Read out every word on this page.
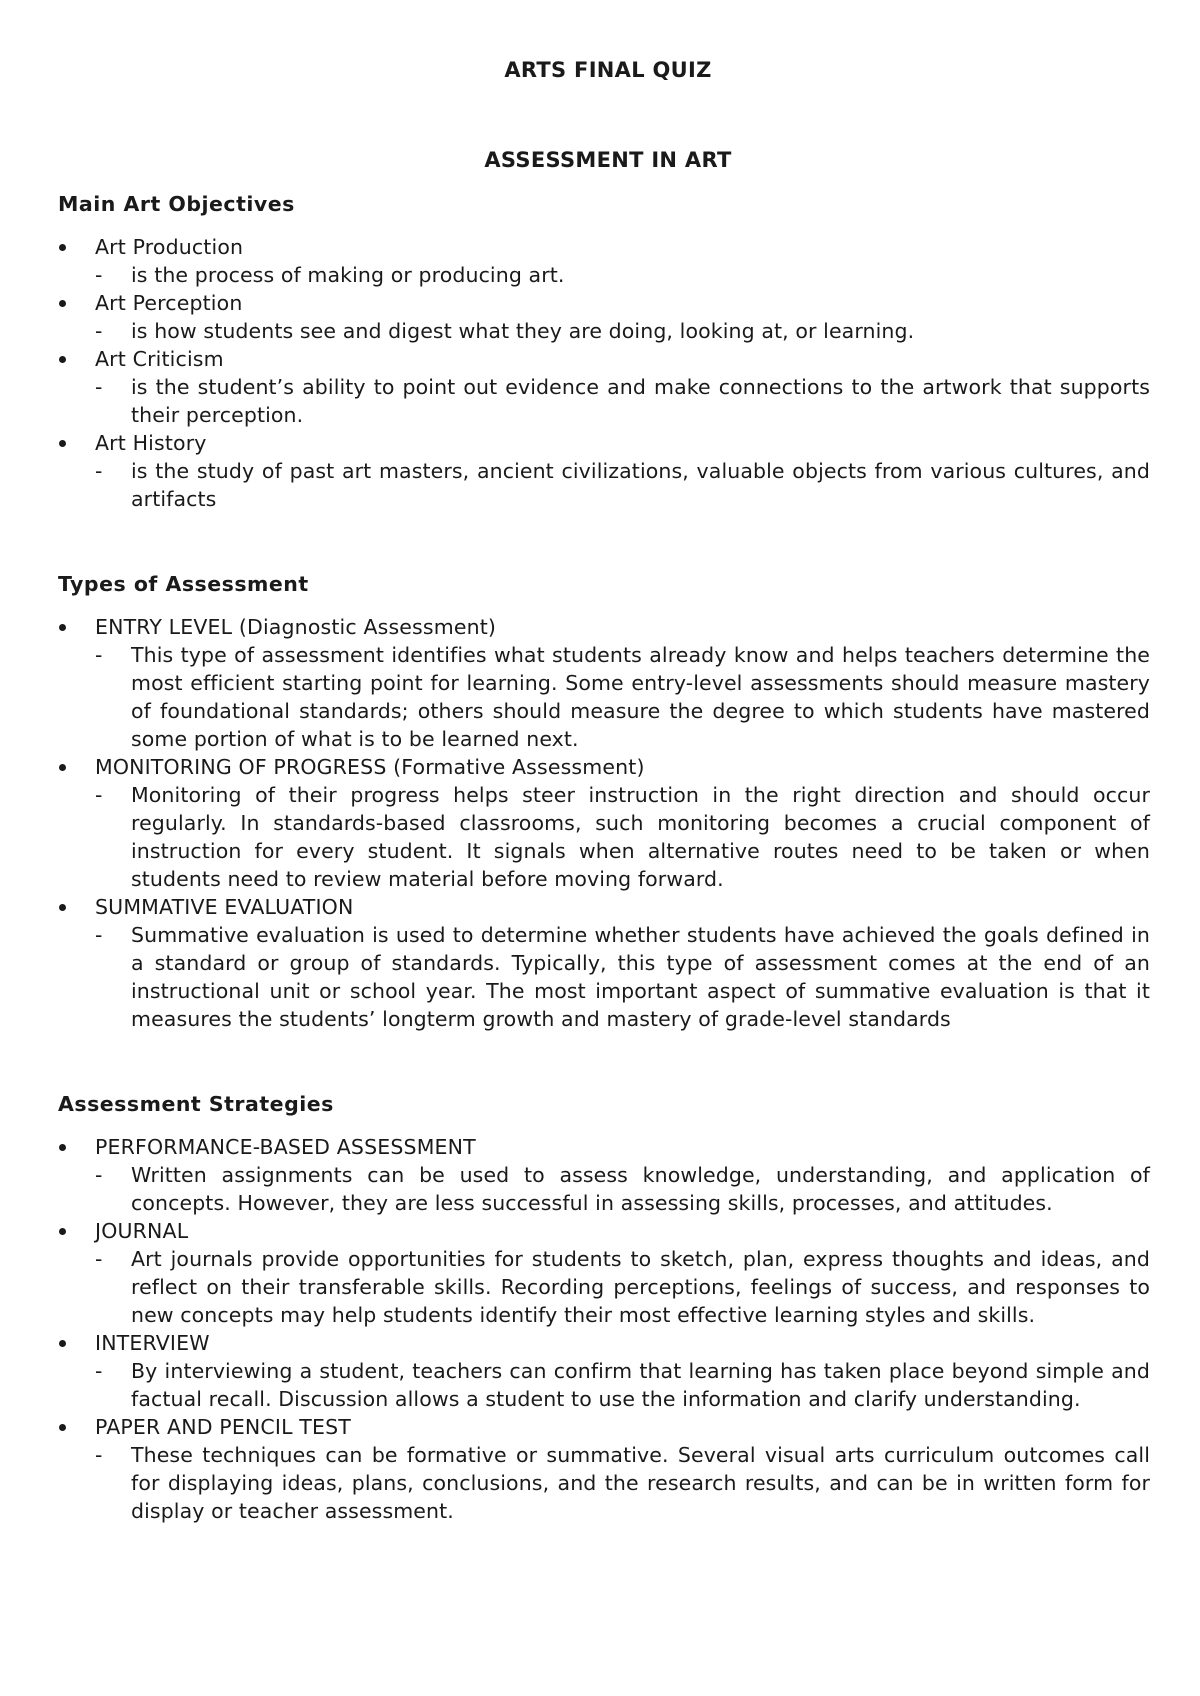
ARTS FINAL QUIZ
ASSESSMENT IN ART
Main Art Objectives
Art Production
-	is the process of making or producing art.
Art Perception
-	is how students see and digest what they are doing, looking at, or learning.
Art Criticism
-	is the student’s ability to point out evidence and make connections to the artwork that supports their perception.
Art History
-	is the study of past art masters, ancient civilizations, valuable objects from various cultures, and artifacts
Types of Assessment
ENTRY LEVEL (Diagnostic Assessment)
-	This type of assessment identifies what students already know and helps teachers determine the most efficient starting point for learning. Some entry-level assessments should measure mastery of foundational standards; others should measure the degree to which students have mastered some portion of what is to be learned next.
MONITORING OF PROGRESS (Formative Assessment)
-	Monitoring of their progress helps steer instruction in the right direction and should occur regularly. In standards-based classrooms, such monitoring becomes a crucial component of instruction for every student. It signals when alternative routes need to be taken or when students need to review material before moving forward.
SUMMATIVE EVALUATION
-	Summative evaluation is used to determine whether students have achieved the goals defined in a standard or group of standards. Typically, this type of assessment comes at the end of an instructional unit or school year. The most important aspect of summative evaluation is that it measures the students’ longterm growth and mastery of grade-level standards
Assessment Strategies
PERFORMANCE-BASED ASSESSMENT
-	Written assignments can be used to assess knowledge, understanding, and application of concepts. However, they are less successful in assessing skills, processes, and attitudes.
JOURNAL
-	Art journals provide opportunities for students to sketch, plan, express thoughts and ideas, and reflect on their transferable skills. Recording perceptions, feelings of success, and responses to new concepts may help students identify their most effective learning styles and skills.
INTERVIEW
-	By interviewing a student, teachers can confirm that learning has taken place beyond simple and factual recall. Discussion allows a student to use the information and clarify understanding.
PAPER AND PENCIL TEST
-	These techniques can be formative or summative. Several visual arts curriculum outcomes call for displaying ideas, plans, conclusions, and the research results, and can be in written form for display or teacher assessment.
